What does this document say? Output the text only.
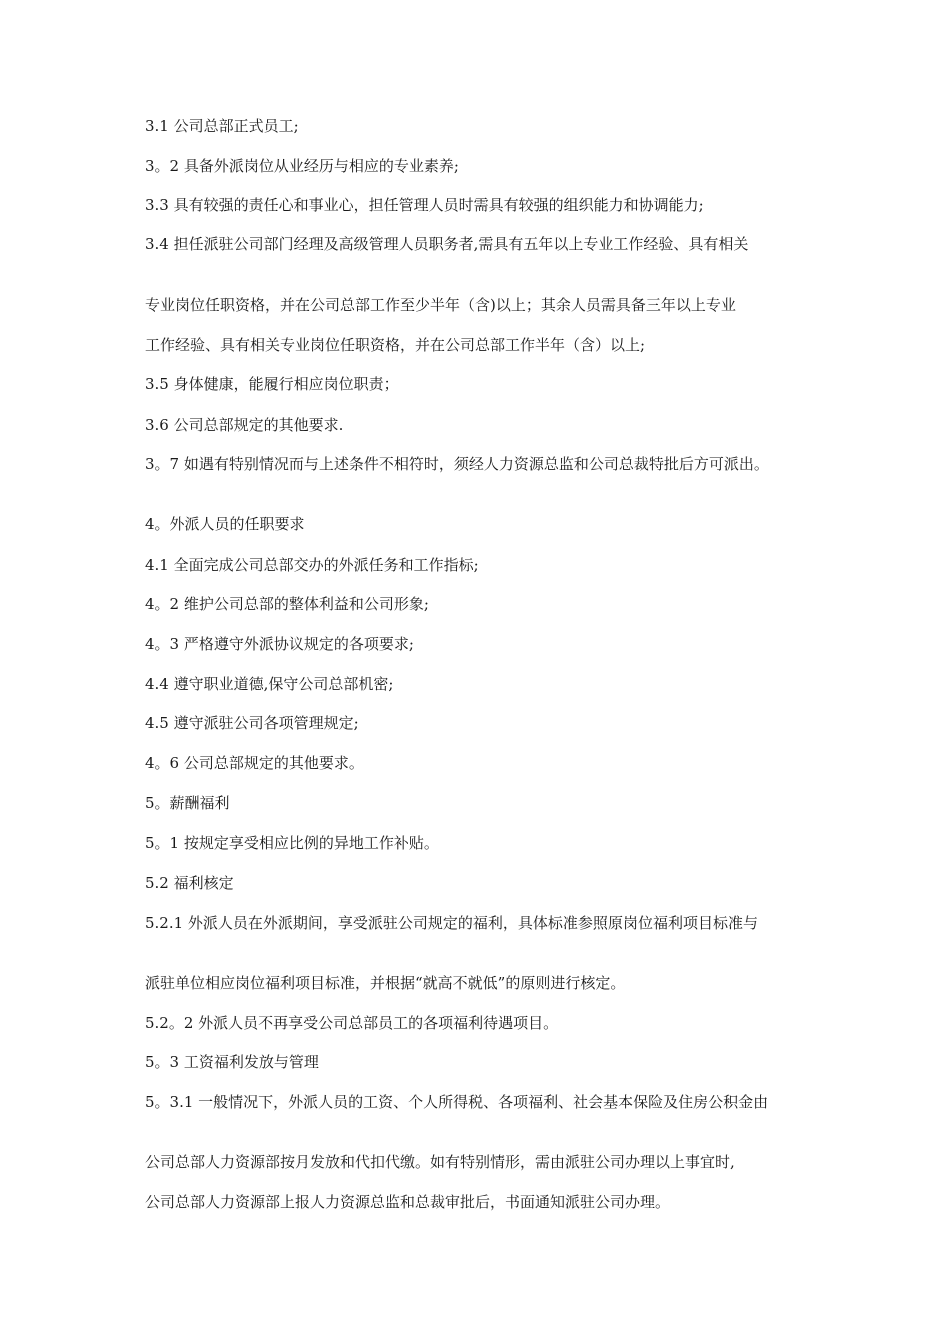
3.1 公司总部正式员工;

3。2 具备外派岗位从业经历与相应的专业素养;

3.3 具有较强的责任心和事业心，担任管理人员时需具有较强的组织能力和协调能力;

3.4 担任派驻公司部门经理及高级管理人员职务者,需具有五年以上专业工作经验、具有相关

专业岗位任职资格，并在公司总部工作至少半年（含)以上；其余人员需具备三年以上专业

工作经验、具有相关专业岗位任职资格，并在公司总部工作半年（含）以上;

3.5 身体健康，能履行相应岗位职责；

3.6 公司总部规定的其他要求.

3。7 如遇有特别情况而与上述条件不相符时，须经人力资源总监和公司总裁特批后方可派出。

4。外派人员的任职要求

4.1 全面完成公司总部交办的外派任务和工作指标;

4。2 维护公司总部的整体利益和公司形象;

4。3 严格遵守外派协议规定的各项要求;

4.4 遵守职业道德,保守公司总部机密;

4.5 遵守派驻公司各项管理规定;

4。6 公司总部规定的其他要求。

5。薪酬福利

5。1 按规定享受相应比例的异地工作补贴。

5.2 福利核定

5.2.1 外派人员在外派期间，享受派驻公司规定的福利，具体标准参照原岗位福利项目标准与

派驻单位相应岗位福利项目标准，并根据“就高不就低”的原则进行核定。

5.2。2 外派人员不再享受公司总部员工的各项福利待遇项目。

5。3 工资福利发放与管理

5。3.1 一般情况下，外派人员的工资、个人所得税、各项福利、社会基本保险及住房公积金由

公司总部人力资源部按月发放和代扣代缴。如有特别情形，需由派驻公司办理以上事宜时,

公司总部人力资源部上报人力资源总监和总裁审批后，书面通知派驻公司办理。
